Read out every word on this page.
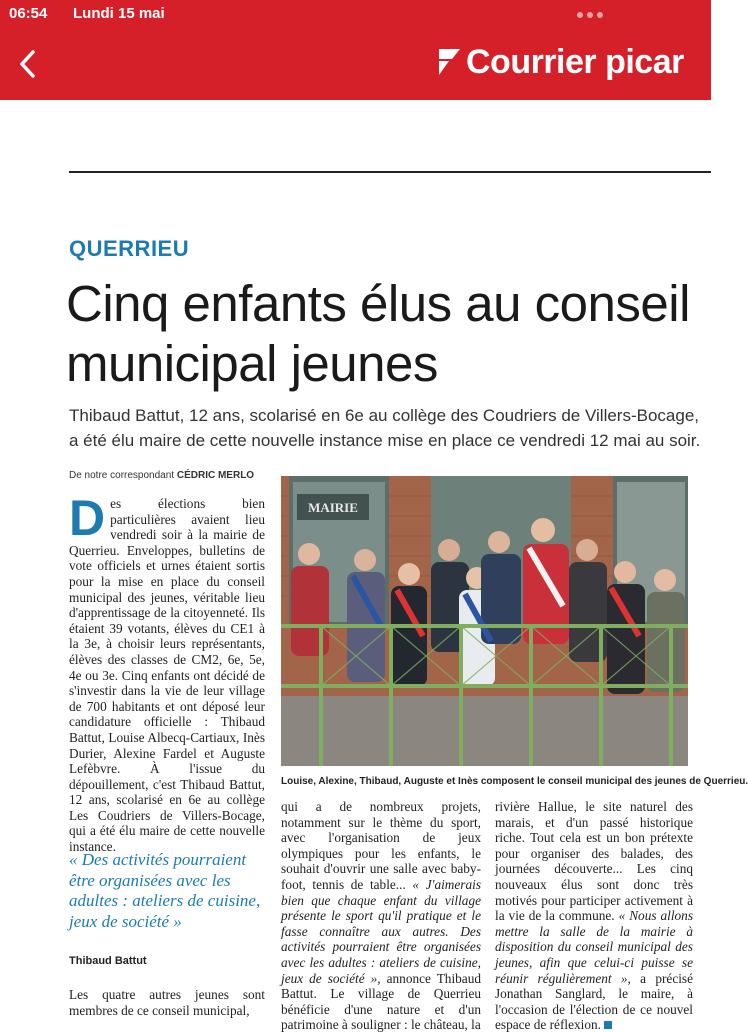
06:54 Lundi 15 mai
Courrier picar
QUERRIEU
Cinq enfants élus au conseil municipal jeunes

Thibaud Battut, 12 ans, scolarisé en 6e au collège des Coudriers de Villers-Bocage, a été élu maire de cette nouvelle instance mise en place ce vendredi 12 mai au soir.

De notre correspondant CÉDRIC MERLO
D es élections bien particulières avaient lieu vendredi soir à la mairie de Querrieu. Enveloppes, bulletins de vote officiels et urnes étaient sortis pour la mise en place du conseil municipal des jeunes, véritable lieu d'apprentissage de la citoyenneté. Ils étaient 39 votants, élèves du CE1 à la 3e, à choisir leurs représentants, élèves des classes de CM2, 6e, 5e, 4e ou 3e. Cinq enfants ont décidé de s'investir dans la vie de leur village de 700 habitants et ont déposé leur candidature officielle : Thibaud Battut, Louise Albecq-Cartiaux, Inès Durier, Alexine Fardel et Auguste Lefèbvre. À l'issue du dépouillement, c'est Thibaud Battut, 12 ans, scolarisé en 6e au collège Les Coudriers de Villers-Bocage, qui a été élu maire de cette nouvelle instance.
« Des activités pourraient être organisées avec les adultes : ateliers de cuisine, jeux de société »
Thibaud Battut
Les quatre autres jeunes sont membres de ce conseil municipal,
MAIRIE
Louise, Alexine, Thibaud, Auguste et Inès composent le conseil municipal des jeunes de Querrieu.
qui a de nombreux projets, notamment sur le thème du sport, avec l'organisation de jeux olympiques pour les enfants, le souhait d'ouvrir une salle avec baby-foot, tennis de table... « J'aimerais bien que chaque enfant du village présente le sport qu'il pratique et le fasse connaître aux autres. Des activités pourraient être organisées avec les adultes : ateliers de cuisine, jeux de société », annonce Thibaud Battut. Le village de Querrieu bénéficie d'une nature et d'un patrimoine à souligner : le château, la
rivière Hallue, le site naturel des marais, et d'un passé historique riche. Tout cela est un bon prétexte pour organiser des balades, des journées découverte... Les cinq nouveaux élus sont donc très motivés pour participer activement à la vie de la commune. « Nous allons mettre la salle de la mairie à disposition du conseil municipal des jeunes, afin que celui-ci puisse se réunir régulièrement », a précisé Jonathan Sanglard, le maire, à l'occasion de l'élection de ce nouvel espace de réflexion.
